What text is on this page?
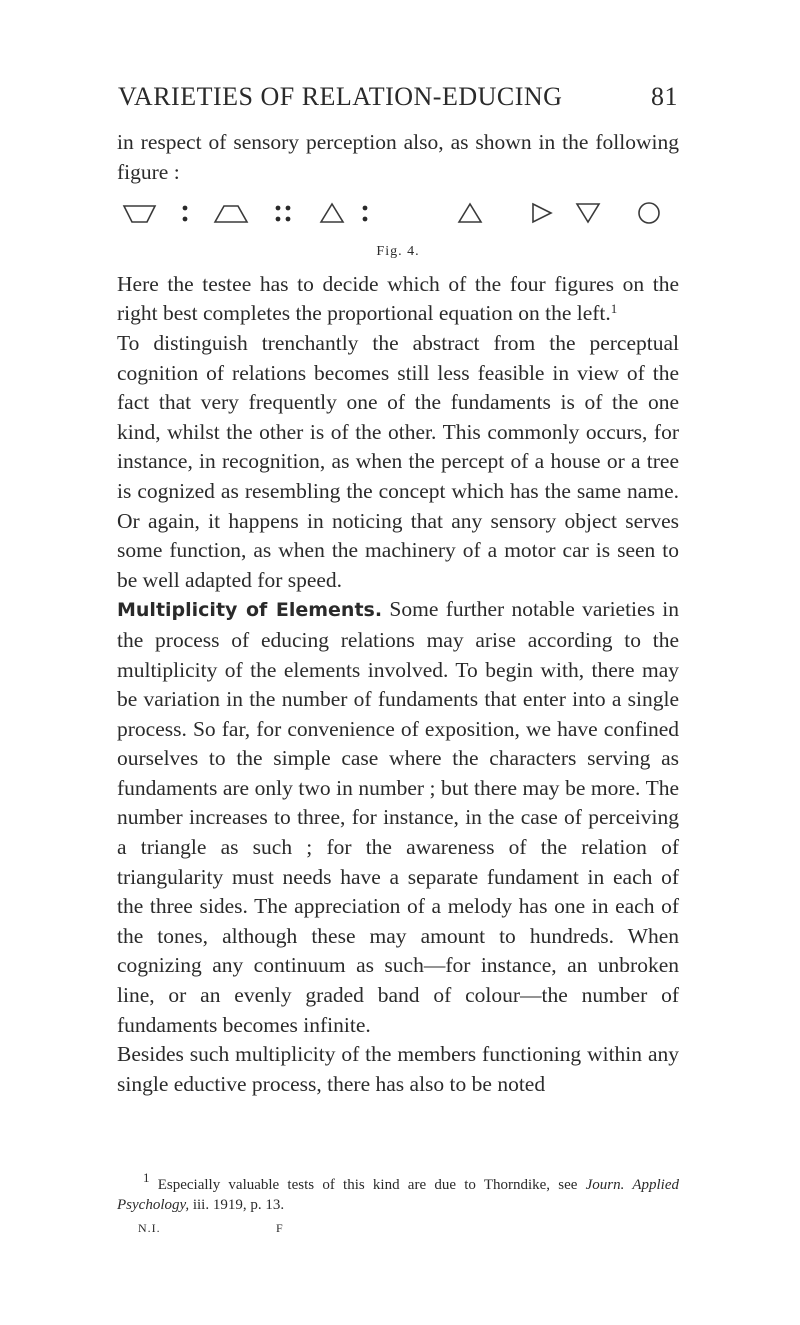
VARIETIES OF RELATION-EDUCING	81

in respect of sensory perception also, as shown in the following figure :

Fig. 4.

Here the testee has to decide which of the four figures on the right best completes the proportional equation on the left.$^1$

To distinguish trenchantly the abstract from the perceptual cognition of relations becomes still less feasible in view of the fact that very frequently one of the fundaments is of the one kind, whilst the other is of the other. This commonly occurs, for instance, in recognition, as when the percept of a house or a tree is cognized as resembling the concept which has the same name. Or again, it happens in noticing that any sensory object serves some function, as when the machinery of a motor car is seen to be well adapted for speed.

Multiplicity of Elements. Some further notable varieties in the process of educing relations may arise according to the multiplicity of the elements involved. To begin with, there may be variation in the number of fundaments that enter into a single process. So far, for convenience of exposition, we have confined ourselves to the simple case where the characters serving as fundaments are only two in number ; but there may be more. The number increases to three, for instance, in the case of perceiving a triangle as such ; for the awareness of the relation of triangularity must needs have a separate fundament in each of the three sides. The appreciation of a melody has one in each of the tones, although these may amount to hundreds. When cognizing any continuum as such—for instance, an unbroken line, or an evenly graded band of colour—the number of fundaments becomes infinite.

Besides such multiplicity of the members functioning within any single eductive process, there has also to be noted

$^1$ Especially valuable tests of this kind are due to Thorndike, see Journ. Applied Psychology, iii. 1919, p. 13.

N.I.	F
